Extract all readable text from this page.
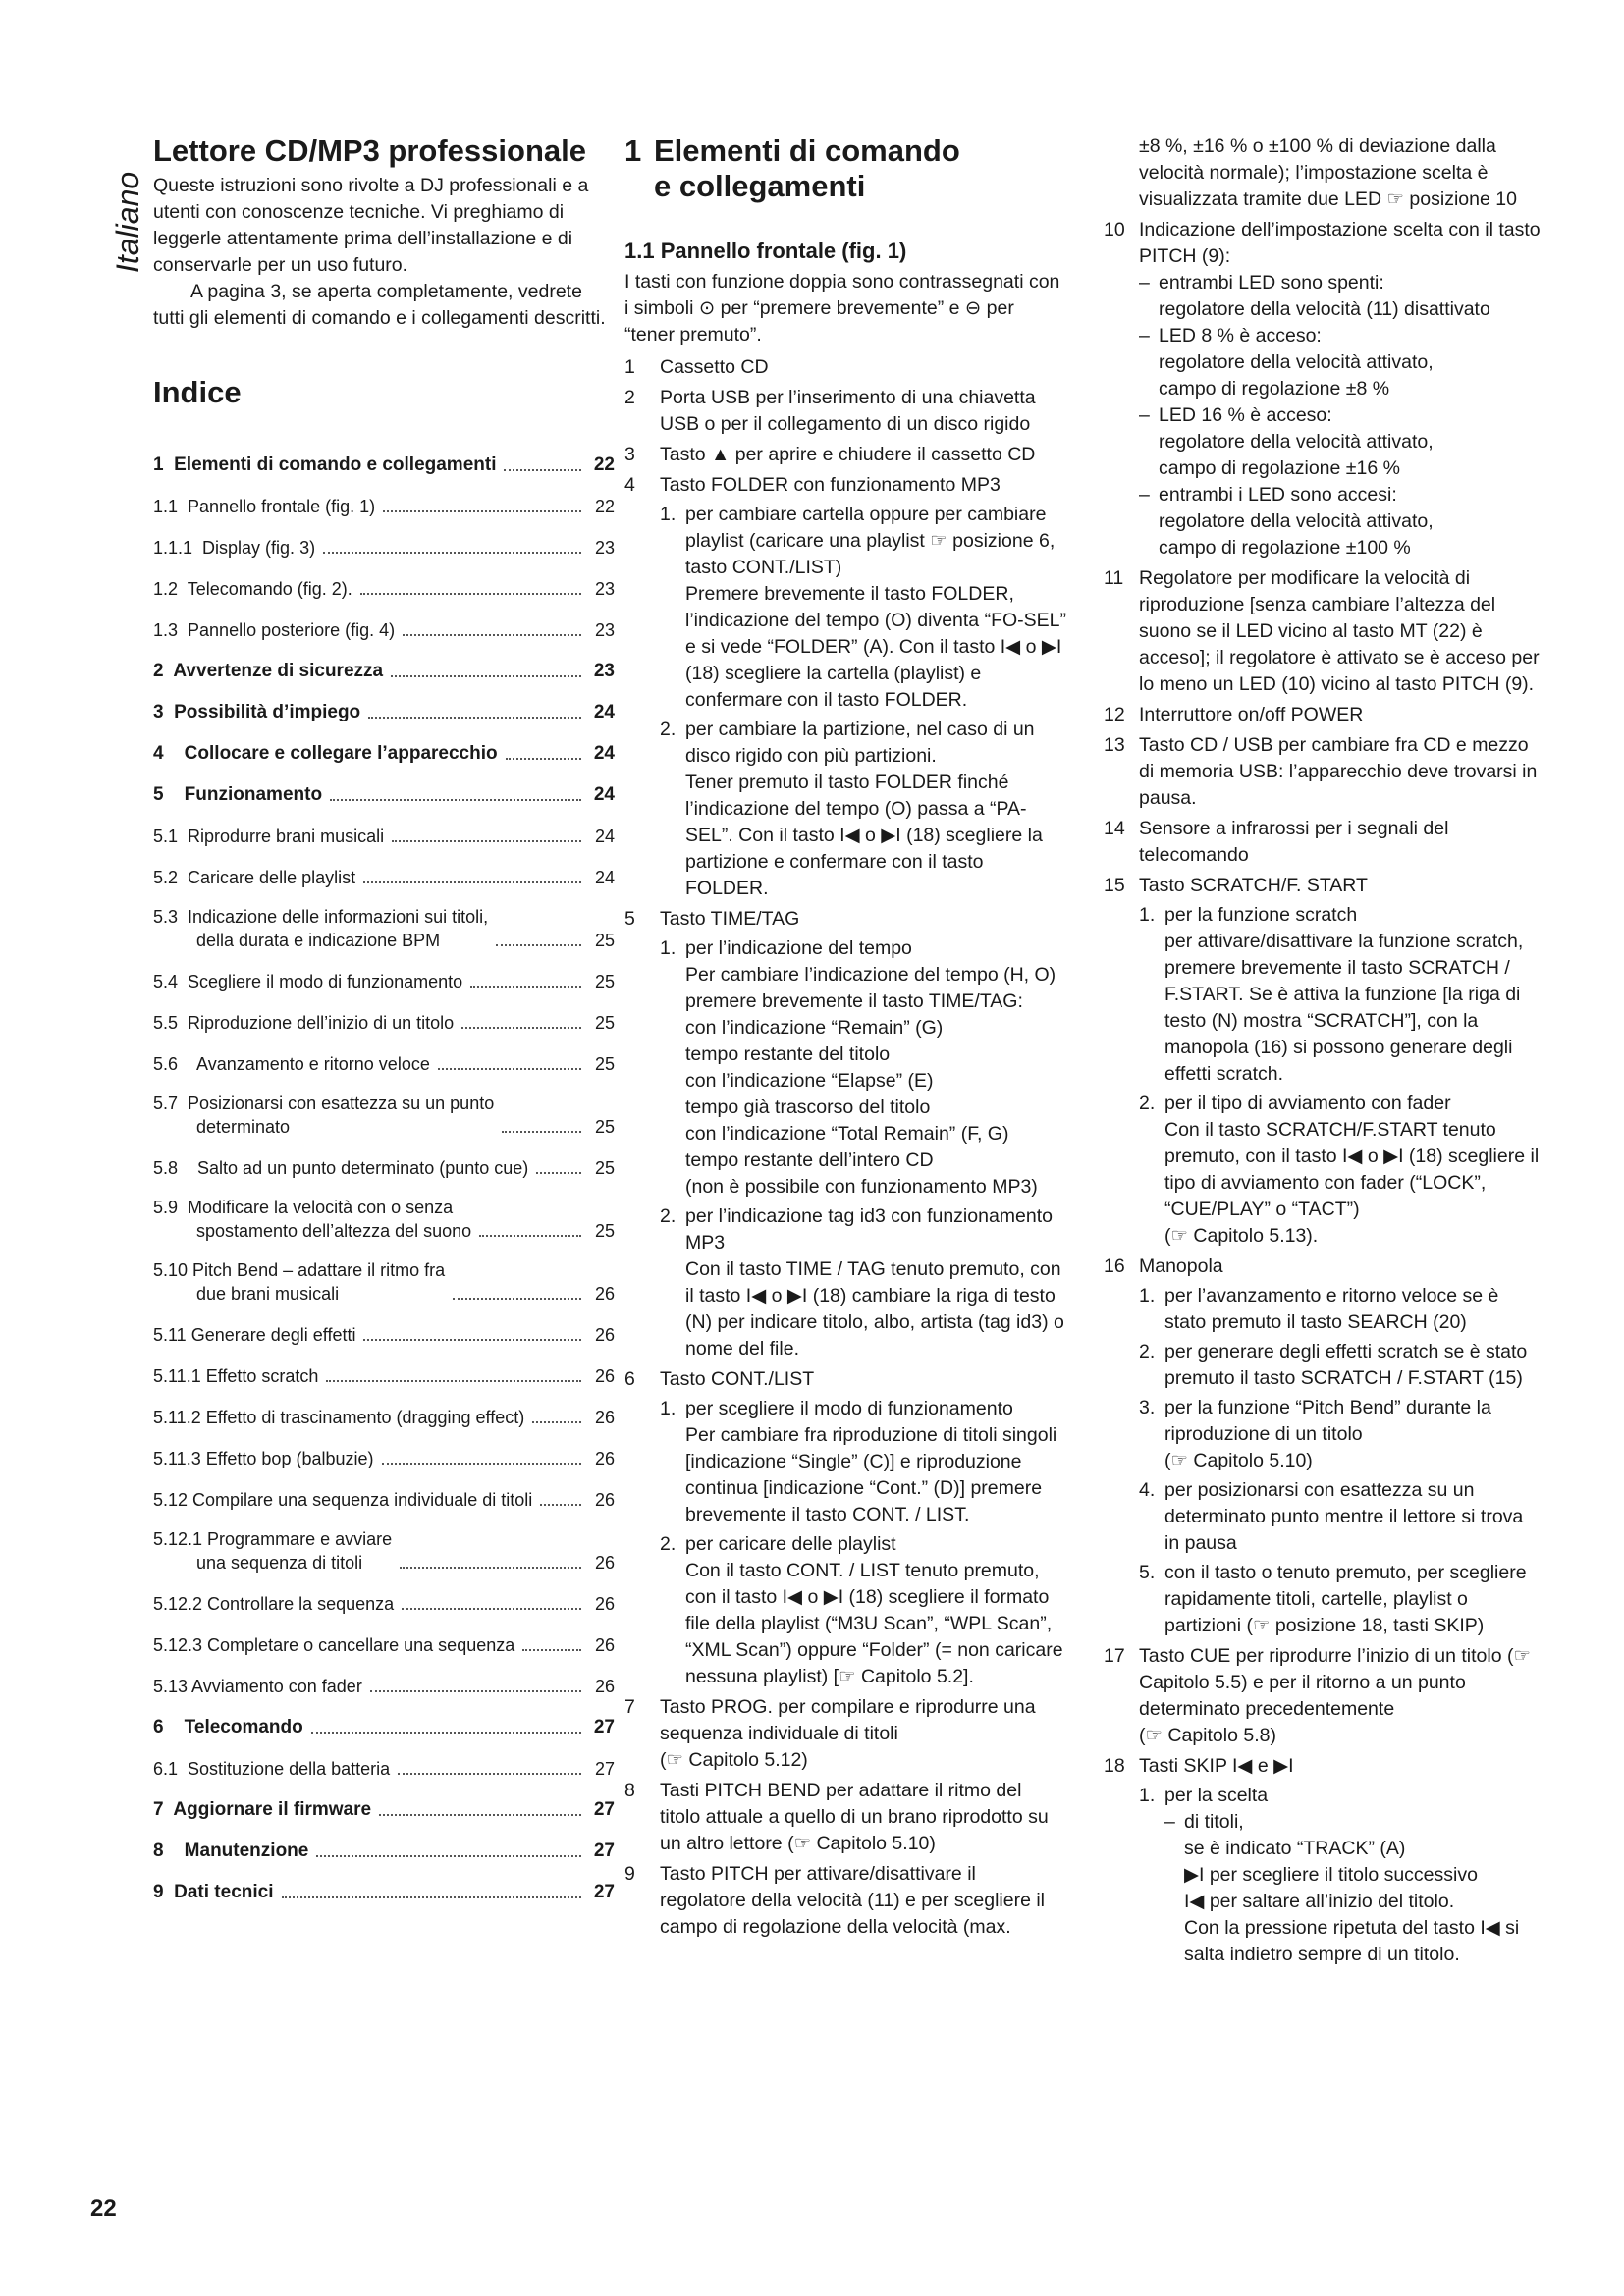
Italiano
Lettore CD/MP3 professionale

Queste istruzioni sono rivolte a DJ professionali e a utenti con conoscenze tecniche. Vi preghiamo di leggerle attentamente prima dell’installazione e di conservarle per un uso futuro.

A pagina 3, se aperta completamente, vedrete tutti gli elementi di comando e i collegamenti descritti.

Indice
1  Elementi di comando e collegamenti	22
1.1  Pannello frontale (fig. 1)	22
1.1.1  Display (fig. 3)	23
1.2  Telecomando (fig. 2).	23
1.3  Pannello posteriore (fig. 4)	23
2  Avvertenze di sicurezza	23
3  Possibilità d’impiego	24
4    Collocare e collegare l’apparecchio	24
5    Funzionamento	24
5.1  Riprodurre brani musicali	24
5.2  Caricare delle playlist	24
5.3  Indicazione delle informazioni sui titoli,
della durata e indicazione BPM	25
5.4  Scegliere il modo di funzionamento	25
5.5  Riproduzione dell’inizio di un titolo	25
5.6    Avanzamento e ritorno veloce	25
5.7  Posizionarsi con esattezza su un punto
determinato	25
5.8    Salto ad un punto determinato (punto cue)	25
5.9  Modificare la velocità con o senza
spostamento dell’altezza del suono	25
5.10 Pitch Bend – adattare il ritmo fra
due brani musicali	26
5.11 Generare degli effetti	26
5.11.1 Effetto scratch	26
5.11.2 Effetto di trascinamento (dragging effect)	26
5.11.3 Effetto bop (balbuzie)	26
5.12 Compilare una sequenza individuale di titoli	26
5.12.1 Programmare e avviare
una sequenza di titoli	26
5.12.2 Controllare la sequenza	26
5.12.3 Completare o cancellare una sequenza	26
5.13 Avviamento con fader	26
6    Telecomando	27
6.1  Sostituzione della batteria	27
7  Aggiornare il firmware	27
8    Manutenzione	27
9  Dati tecnici	27
1 Elementi di comando
e collegamenti
1.1 Pannello frontale (fig. 1)

I tasti con funzione doppia sono contrassegnati con i simboli ⊙ per “premere brevemente” e ⊖ per “tener premuto”.

1	Cassetto CD
2	Porta USB per l’inserimento di una chiavetta USB o per il collegamento di un disco rigido
3	Tasto ▲ per aprire e chiudere il cassetto CD
4	Tasto FOLDER con funzionamento MP3
1. per cambiare cartella oppure per cambiare playlist (caricare una playlist ☞ posizione 6, tasto CONT./LIST)
Premere brevemente il tasto FOLDER, l’indicazione del tempo (O) diventa “FO-SEL” e si vede “FOLDER” (A). Con il tasto I◀ o ▶I (18) scegliere la cartella (playlist) e confermare con il tasto FOLDER.
2. per cambiare la partizione, nel caso di un disco rigido con più partizioni.
Tener premuto il tasto FOLDER finché l’indicazione del tempo (O) passa a “PA-SEL”. Con il tasto I◀ o ▶I (18) scegliere la partizione e confermare con il tasto FOLDER.
5	Tasto TIME/TAG
1. per l’indicazione del tempo
Per cambiare l’indicazione del tempo (H, O) premere brevemente il tasto TIME/TAG:
con l’indicazione “Remain” (G)
tempo restante del titolo
con l’indicazione “Elapse” (E)
tempo già trascorso del titolo
con l’indicazione “Total Remain” (F, G)
tempo restante dell’intero CD
(non è possibile con funzionamento MP3)
2. per l’indicazione tag id3 con funzionamento MP3
Con il tasto TIME / TAG tenuto premuto, con il tasto I◀ o ▶I (18) cambiare la riga di testo (N) per indicare titolo, albo, artista (tag id3) o nome del file.
6	Tasto CONT./LIST
1. per scegliere il modo di funzionamento
Per cambiare fra riproduzione di titoli singoli [indicazione “Single” (C)] e riproduzione continua [indicazione “Cont.” (D)] premere brevemente il tasto CONT. / LIST.
2. per caricare delle playlist
Con il tasto CONT. / LIST tenuto premuto, con il tasto I◀ o ▶I (18) scegliere il formato file della playlist (“M3U Scan”, “WPL Scan”, “XML Scan”) oppure “Folder” (= non caricare nessuna playlist) [☞ Capitolo 5.2].
7	Tasto PROG. per compilare e riprodurre una sequenza individuale di titoli
(☞ Capitolo 5.12)
8	Tasti PITCH BEND per adattare il ritmo del titolo attuale a quello di un brano riprodotto su un altro lettore (☞ Capitolo 5.10)
9	Tasto PITCH per attivare/disattivare il regolatore della velocità (11) e per scegliere il campo di regolazione della velocità (max.

±8 %, ±16 % o ±100 % di deviazione dalla velocità normale); l’impostazione scelta è visualizzata tramite due LED ☞ posizione 10

10 Indicazione dell’impostazione scelta con il tasto PITCH (9):
– entrambi LED sono spenti:
regolatore della velocità (11) disattivato
– LED 8 % è acceso:
regolatore della velocità attivato,
campo di regolazione ±8 %
– LED 16 % è acceso:
regolatore della velocità attivato,
campo di regolazione ±16 %
– entrambi i LED sono accesi:
regolatore della velocità attivato,
campo di regolazione ±100 %
11 Regolatore per modificare la velocità di riproduzione [senza cambiare l’altezza del suono se il LED vicino al tasto MT (22) è acceso]; il regolatore è attivato se è acceso per lo meno un LED (10) vicino al tasto PITCH (9).
12 Interruttore on/off POWER
13 Tasto CD / USB per cambiare fra CD e mezzo di memoria USB: l’apparecchio deve trovarsi in pausa.
14 Sensore a infrarossi per i segnali del telecomando
15 Tasto SCRATCH/F. START
1. per la funzione scratch
per attivare/disattivare la funzione scratch, premere brevemente il tasto SCRATCH / F.START. Se è attiva la funzione [la riga di testo (N) mostra “SCRATCH”], con la manopola (16) si possono generare degli effetti scratch.
2. per il tipo di avviamento con fader
Con il tasto SCRATCH/F.START tenuto premuto, con il tasto I◀ o ▶I (18) scegliere il tipo di avviamento con fader (“LOCK”, “CUE/PLAY” o “TACT”)
(☞ Capitolo 5.13).
16 Manopola
1. per l’avanzamento e ritorno veloce se è stato premuto il tasto SEARCH (20)
2. per generare degli effetti scratch se è stato premuto il tasto SCRATCH / F.START (15)
3. per la funzione “Pitch Bend” durante la riproduzione di un titolo
(☞ Capitolo 5.10)
4. per posizionarsi con esattezza su un determinato punto mentre il lettore si trova in pausa
5. con il tasto o tenuto premuto, per scegliere rapidamente titoli, cartelle, playlist o partizioni (☞ posizione 18, tasti SKIP)
17 Tasto CUE per riprodurre l’inizio di un titolo (☞ Capitolo 5.5) e per il ritorno a un punto determinato precedentemente
(☞ Capitolo 5.8)
18 Tasti SKIP I◀ e ▶I
1. per la scelta
– di titoli,
se è indicato “TRACK” (A)
▶I per scegliere il titolo successivo
I◀ per saltare all’inizio del titolo.
Con la pressione ripetuta del tasto I◀ si salta indietro sempre di un titolo.
22
